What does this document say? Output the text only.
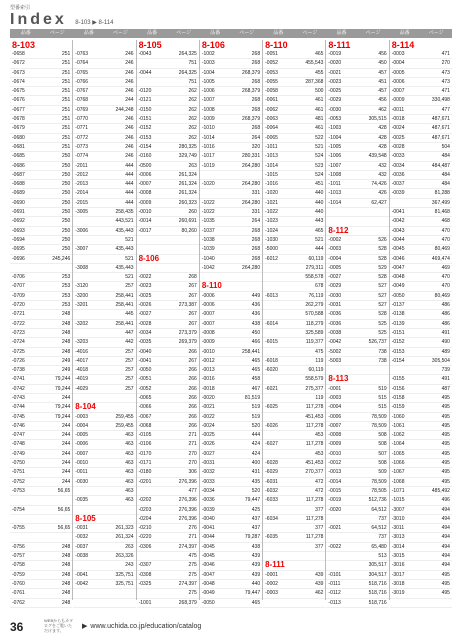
型番索引
Index 8-103 ▶ 8-114
品番	ページ	品番	ページ	品番	ページ	品番	ページ	品番	ページ	品番	ページ	品番	ページ
8-103
-0658	251
-0672	251
-0673	251
-0674	251
-0675	251
-0676	251
-0677	251
-0678	251
-0679	251
-0680	251
-0681	251
-0685	250
-0686	250
-0687	250
-0688	250
-0689	250
-0690	250
-0691	250
-0692	250
-0693	250
-0694	250
-0695	250
-0696	245,246

-0706	253
-0707	253
-0709	253
-0720	253
-0721	248
-0722	248
-0723	248
-0724	248
-0725	248
-0726	249
-0738	249
-0741	79,244
-0742	79,244
-0743	244
-0744	79,244
-0745	79,244
-0746	244
-0747	244
-0748	244
-0749	244
-0750	244
-0751	244
-0752	244
-0753	56,65

-0754	56,65

-0755	56,65

-0756	248
-0757	248
-0758	248
-0759	248
-0760	248
-0761	248
-0762	248

-0763	246
-0764	246
-0765	246
-0766	246
-0767	246
-0768	244
-0769	244,248
-0770	246
-0771	246
-0772	246
-0773	246
-0774	246
-2011	444
-2012	444
-2013	444
-2014	444
-2015	444
-3005	258,435

443,521
-3006	435,443

521
-3007	435,443

521
-3008	435,443

521
-3120	257
-3200	258,441
-3201	258,441

445
-3202	258,441

447
-3203	442
-4016	257
-4017	257
-4018	257
-4019	257
-4029	257

8-104
-0003	259,455
-0004	259,455
-0005	463
-0006	463
-0007	463
-0010	463
-0011	463
-0030	463

463
-0035	463

8-105
-0031	261,323
-0032	261,324
-0037	263
-0038	263,326

243
-0041	325,751
-0042	325,751

8-105
-0043	264,325

751
-0044	264,325

751
-0120	262
-0121	262
-0150	262
-0151	262
-0152	262
-0153	262
-0154	280,325
-0160	329,749
-0500	263
-0006	261,324
-0007	261,324
-0008	261,324
-0009	260,323
-0010	260
-0014	260,691
-0017	80,260

8-106

-0022	268
-0023	267
-0025	267
-0026	273,387
-0027	267
-0028	267
-0034	273,379
-0035	269,379
-0040	266
-0041	267
-0050	266
-0051	266
-0052	266
-0065	266
-0066	266
-0067	266
-0068	266
-0105	271
-0106	271
-0170	270
-0171	270
-0180	306
-0201	276,396

477
-0202	276,396
-0203	276,396
-0204	276,396
-0210	276
-0220	271
-0306	274,397

475
-0307	275
-0308	275
-0325	274,397

275
-1001	268,379
8-106
-1002	268
-1003	268
-1004	268,379
-1005	268
-1006	268,379
-1007	268
-1008	268
-1009	268,379
-1010	268
-1014	264
-1016	320
-1017	280,331
-1019	264,280

-1020	264,280

331
-1022	264,280
-1022	331
-1035	264
-1037	268
-1038	268
-1039	268
-1040	268
-1042	264,280

8-110
-0006	449
-0006	436
-0007	436
-0007	438
-0008	450
-0009	466
-0010	258,441
-0012	465
-0013	465
-0016	458
-0018	467
-0020	81,519
-0021	519
-0022	519
-0024	520
-0025	444
-0026	424
-0027	424
-0031	400
-0032	431
-0033	435
-0034	520
-0036	79,447
-0039	425
-0040	437
-0041	437
-0044	79,287
-0045	438
-0045	439
-0046	439
-0047	439
-0048	440
-0049	79,447
-0050	465
8-110
-0051	465
-0052	455,543
-0053	455
-0055	287,368
-0058	500
-0061	461
-0062	461
-0063	481
-0064	461
-0065	522
-1011	521
-1013	524
-1014	523
-1015	524
-1016	451
-1020	440
-1021	440
-1022	440
-1023	443
-1024	465
-1030	521
-5000	444
-6012	60,119

279,311

558,578

678
-6013	76,119

262,279

570,588
-6014	118,279

325,589
-6015	119,377

475
-6018	119
-6020	60,119

558,579
-6021	275,377

119
-6025	117,278

451,453
-6026	117,278

453
-6027	117,278

453
-6028	451,453
-6029	270,377
-6031	472
-6032	472
-6033	117,278

377
-6034	117,278

377
-6035	117,278

377

8-111
-0001	439
-0002	439
-0003	462

8-111
-0019	456
-0020	450
-0021	457
-0023	451
-0025	457
-0029	456
-0030	462
-0053	305,515
-1003	428
-1004	428
-1005	428
-1006	439,548
-1007	432
-1008	432
-1011	74,426
-1013	426
-1014	62,427

8-112
-0002	526
-0003	528
-0004	528
-0005	529
-0027	528
-0029	527
-0030	527
-0031	527
-0036	528
-0036	525
-0038	525
-0042	526,737
-5002	738
-5003	738

8-113
-0001	519
-0003	515
-0004	515
-0006	78,509
-0007	78,509
-0008	508
-0009	508
-0010	507
-0012	508
-0013	509
-0014	78,509
-0015	78,505
-0019	512,736
-0020	64,512

737
-0021	64,512

737
-0022	65,480

513

305,517
-0101	304,517
-0111	518,716
-0112	518,716
-0113	518,716
8-114
-0003	471
-0004	270
-0005	473
-0006	473
-0007	471
-0009	330,498
-0011	477
-0018	487,671
-0024	487,671
-0025	487,671
-0028	504
-0033	484
-0034	484,487
-0036	484
-0037	484
-0039	81,288

367,499
-0041	81,468
-0042	468
-0043	470
-0044	470
-0045	80,469
-0046	469,474
-0047	469
-0048	470
-0049	470
-0050	80,469
-0137	486
-0138	486
-0139	486
-0151	491
-0152	490
-0153	489
-0154	305,504

739
-0155	491
-0156	487
-0158	495
-0159	495
-1060	495
-1061	495
-1062	495
-1064	495
-1065	495
-1066	495
-1067	495
-1068	495
-1071	485,492
-1015	496
-3007	494
-3010	494
-3011	494
-3013	494
-3014	494
-3015	494
-3016	494
-3017	495
-3018	495
-3019	495

36	WEBからもカタログをご覧いただけます。
▶ www.uchida.co.jp/education/catalog
